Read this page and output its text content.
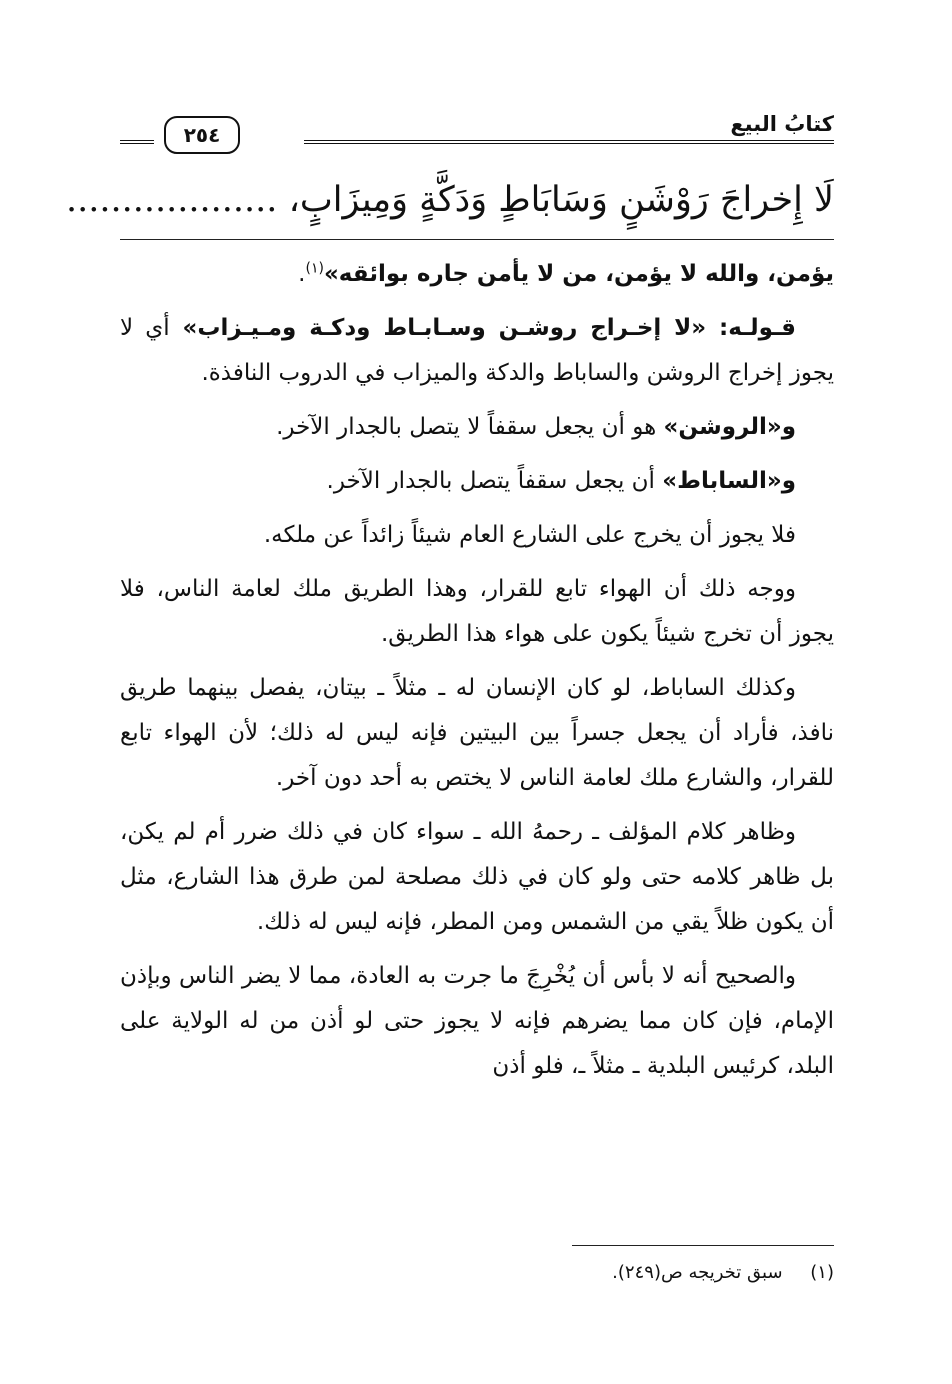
كتابُ البيع
٢٥٤
لَا إِخراجَ رَوْشَنٍ وَسَابَاطٍ وَدَكَّةٍ وَمِيزَابٍ، ...................

يؤمن، والله لا يؤمن، من لا يأمن جاره بوائقه»$^{(١)}$.

قـولـه: «لا إخـراج روشـن وسـابـاط ودكـة ومـيـزاب» أي لا يجوز إخراج الروشن والساباط والدكة والميزاب في الدروب النافذة.

و«الروشن» هو أن يجعل سقفاً لا يتصل بالجدار الآخر.

و«الساباط» أن يجعل سقفاً يتصل بالجدار الآخر.

فلا يجوز أن يخرج على الشارع العام شيئاً زائداً عن ملكه.

ووجه ذلك أن الهواء تابع للقرار، وهذا الطريق ملك لعامة الناس، فلا يجوز أن تخرج شيئاً يكون على هواء هذا الطريق.

وكذلك الساباط، لو كان الإنسان له ـ مثلاً ـ بيتان، يفصل بينهما طريق نافذ، فأراد أن يجعل جسراً بين البيتين فإنه ليس له ذلك؛ لأن الهواء تابع للقرار، والشارع ملك لعامة الناس لا يختص به أحد دون آخر.

وظاهر كلام المؤلف ـ رحمهُ الله ـ سواء كان في ذلك ضرر أم لم يكن، بل ظاهر كلامه حتى ولو كان في ذلك مصلحة لمن طرق هذا الشارع، مثل أن يكون ظلاً يقي من الشمس ومن المطر، فإنه ليس له ذلك.

والصحيح أنه لا بأس أن يُخْرِجَ ما جرت به العادة، مما لا يضر الناس وبإذن الإمام، فإن كان مما يضرهم فإنه لا يجوز حتى لو أذن من له الولاية على البلد، كرئيس البلدية ـ مثلاً ـ، فلو أذن

(١) سبق تخريجه ص(٢٤٩).
